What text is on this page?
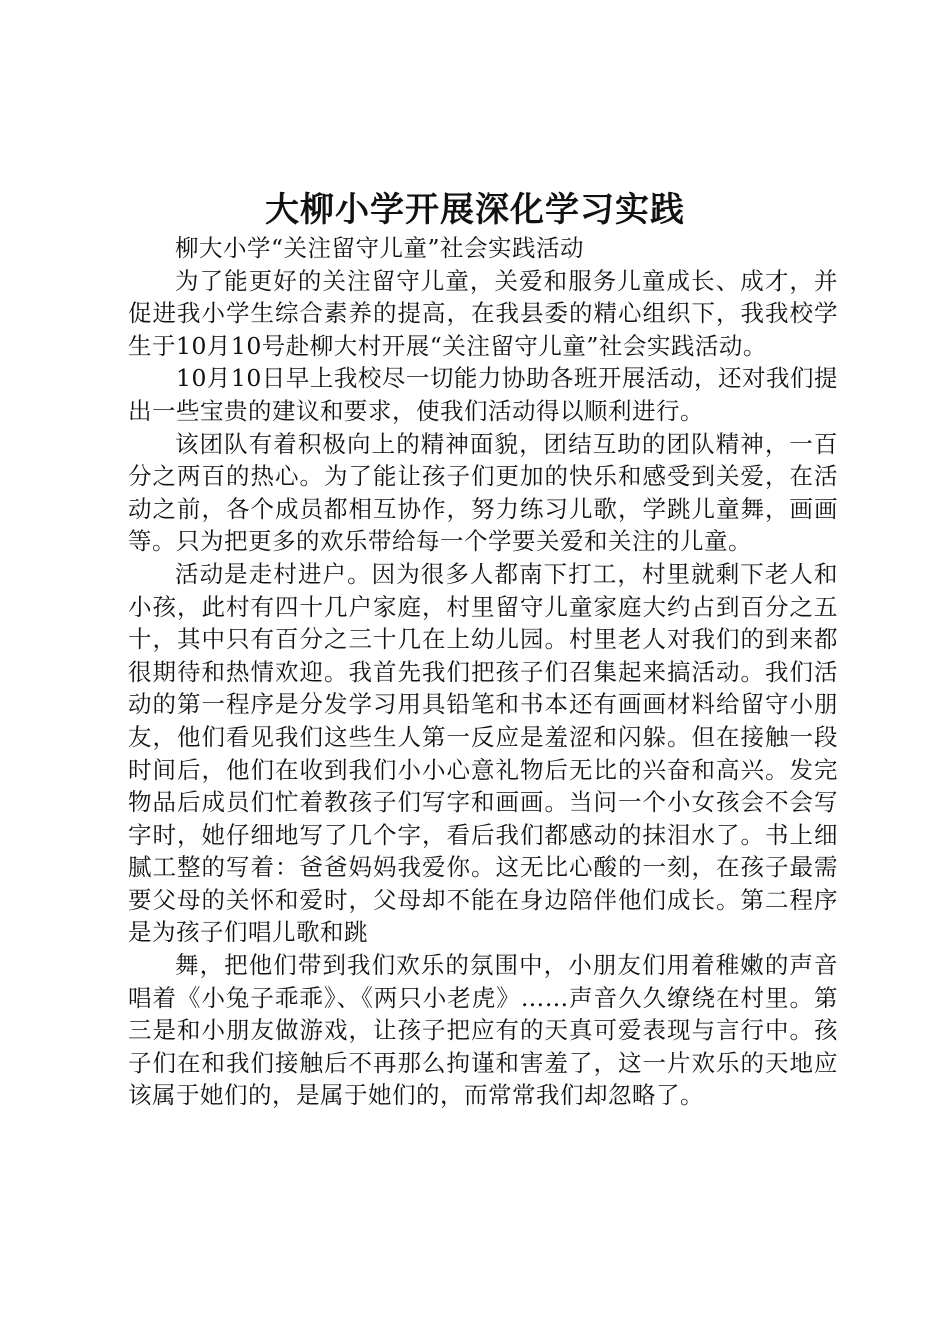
大柳小学开展深化学习实践

柳大小学“关注留守儿童”社会实践活动

为了能更好的关注留守儿童，关爱和服务儿童成长、成才，并促进我小学生综合素养的提高，在我县委的精心组织下，我我校学生于10月10号赴柳大村开展“关注留守儿童”社会实践活动。

10月10日早上我校尽一切能力协助各班开展活动，还对我们提出一些宝贵的建议和要求，使我们活动得以顺利进行。

该团队有着积极向上的精神面貌，团结互助的团队精神，一百分之两百的热心。为了能让孩子们更加的快乐和感受到关爱，在活动之前，各个成员都相互协作，努力练习儿歌，学跳儿童舞，画画等。只为把更多的欢乐带给每一个学要关爱和关注的儿童。

活动是走村进户。因为很多人都南下打工，村里就剩下老人和小孩，此村有四十几户家庭，村里留守儿童家庭大约占到百分之五十，其中只有百分之三十几在上幼儿园。村里老人对我们的到来都很期待和热情欢迎。我首先我们把孩子们召集起来搞活动。我们活动的第一程序是分发学习用具铅笔和书本还有画画材料给留守小朋友，他们看见我们这些生人第一反应是羞涩和闪躲。但在接触一段时间后，他们在收到我们小小心意礼物后无比的兴奋和高兴。发完物品后成员们忙着教孩子们写字和画画。当问一个小女孩会不会写字时，她仔细地写了几个字，看后我们都感动的抹泪水了。书上细腻工整的写着：爸爸妈妈我爱你。这无比心酸的一刻，在孩子最需要父母的关怀和爱时，父母却不能在身边陪伴他们成长。第二程序是为孩子们唱儿歌和跳

舞，把他们带到我们欢乐的氛围中，小朋友们用着稚嫩的声音唱着《小兔子乖乖》、《两只小老虎》……声音久久缭绕在村里。第三是和小朋友做游戏，让孩子把应有的天真可爱表现与言行中。孩子们在和我们接触后不再那么拘谨和害羞了，这一片欢乐的天地应该属于她们的，是属于她们的，而常常我们却忽略了。
